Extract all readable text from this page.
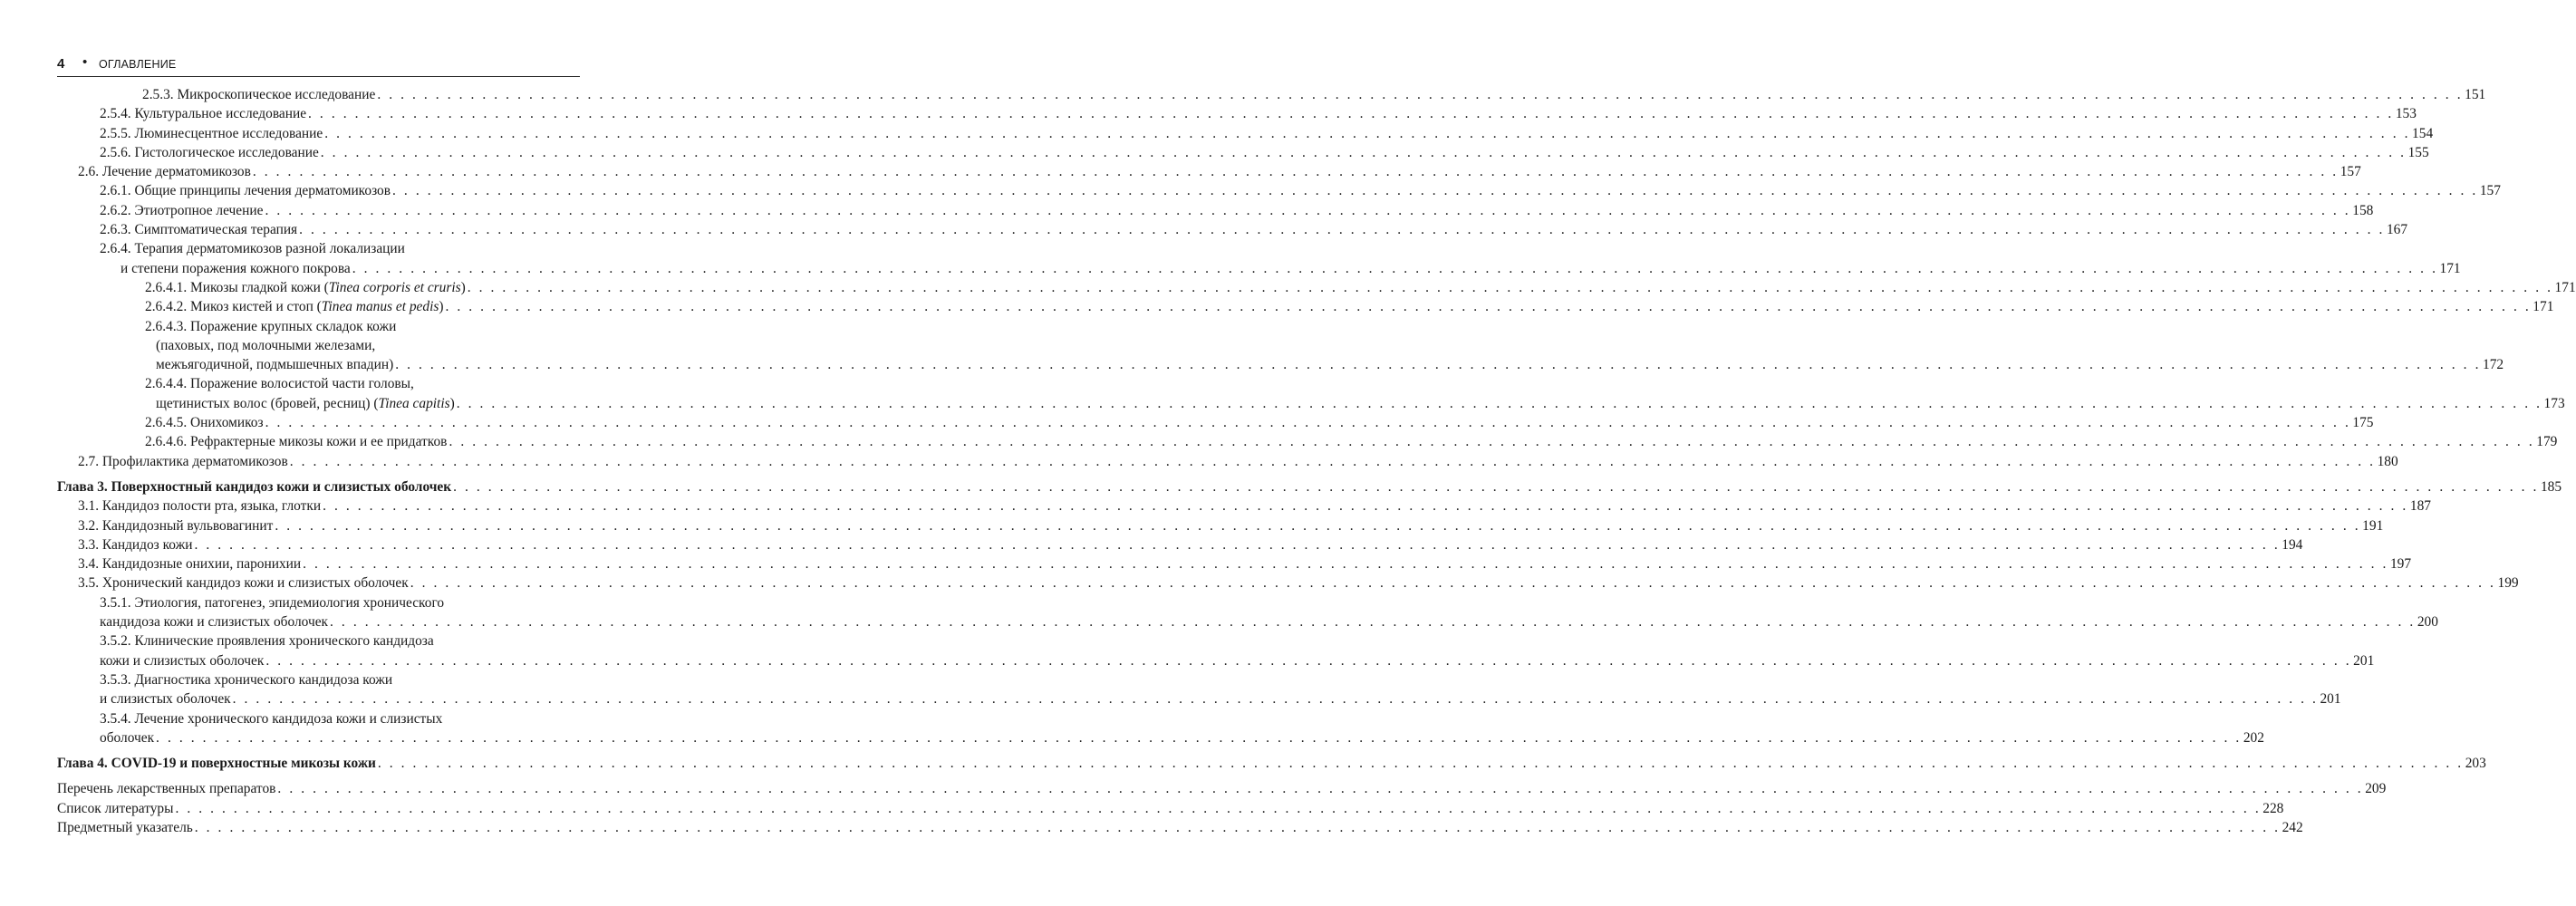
4 • ОГЛАВЛЕНИЕ
2.5.3. Микроскопическое исследование . . .	151
2.5.4. Культуральное исследование . . .	153
2.5.5. Люминесцентное исследование . . .	154
2.5.6. Гистологическое исследование . . .	155
2.6. Лечение дерматомикозов . . .	157
2.6.1. Общие принципы лечения дерматомикозов . . .	157
2.6.2. Этиотропное лечение . . .	158
2.6.3. Симптоматическая терапия . . .	167
2.6.4. Терапия дерматомикозов разной локализации
и степени поражения кожного покрова . . .	171
2.6.4.1. Микозы гладкой кожи (Tinea corporis et cruris) . . .	171
2.6.4.2. Микоз кистей и стоп (Tinea manus et pedis) . . .	171
2.6.4.3. Поражение крупных складок кожи
(паховых, под молочными железами,
межъягодичной, подмышечных впадин) . . .	172
2.6.4.4. Поражение волосистой части головы,
щетинистых волос (бровей, ресниц) (Tinea capitis) . . .	173
2.6.4.5. Онихомикоз . . .	175
2.6.4.6. Рефрактерные микозы кожи и ее придатков . . .	179
2.7. Профилактика дерматомикозов . . .	180
Глава 3. Поверхностный кандидоз кожи и слизистых оболочек . . .	185
3.1. Кандидоз полости рта, языка, глотки . . .	187
3.2. Кандидозный вульвовагинит . . .	191
3.3. Кандидоз кожи . . .	194
3.4. Кандидозные онихии, паронихии . . .	197
3.5. Хронический кандидоз кожи и слизистых оболочек . . .	199
3.5.1. Этиология, патогенез, эпидемиология хронического
кандидоза кожи и слизистых оболочек . . .	200
3.5.2. Клинические проявления хронического кандидоза
кожи и слизистых оболочек . . .	201
3.5.3. Диагностика хронического кандидоза кожи
и слизистых оболочек . . .	201
3.5.4. Лечение хронического кандидоза кожи и слизистых
оболочек . . .	202
Глава 4. COVID-19 и поверхностные микозы кожи . . .	203
Перечень лекарственных препаратов . . .	209
Список литературы . . .	228
Предметный указатель . . .	242
